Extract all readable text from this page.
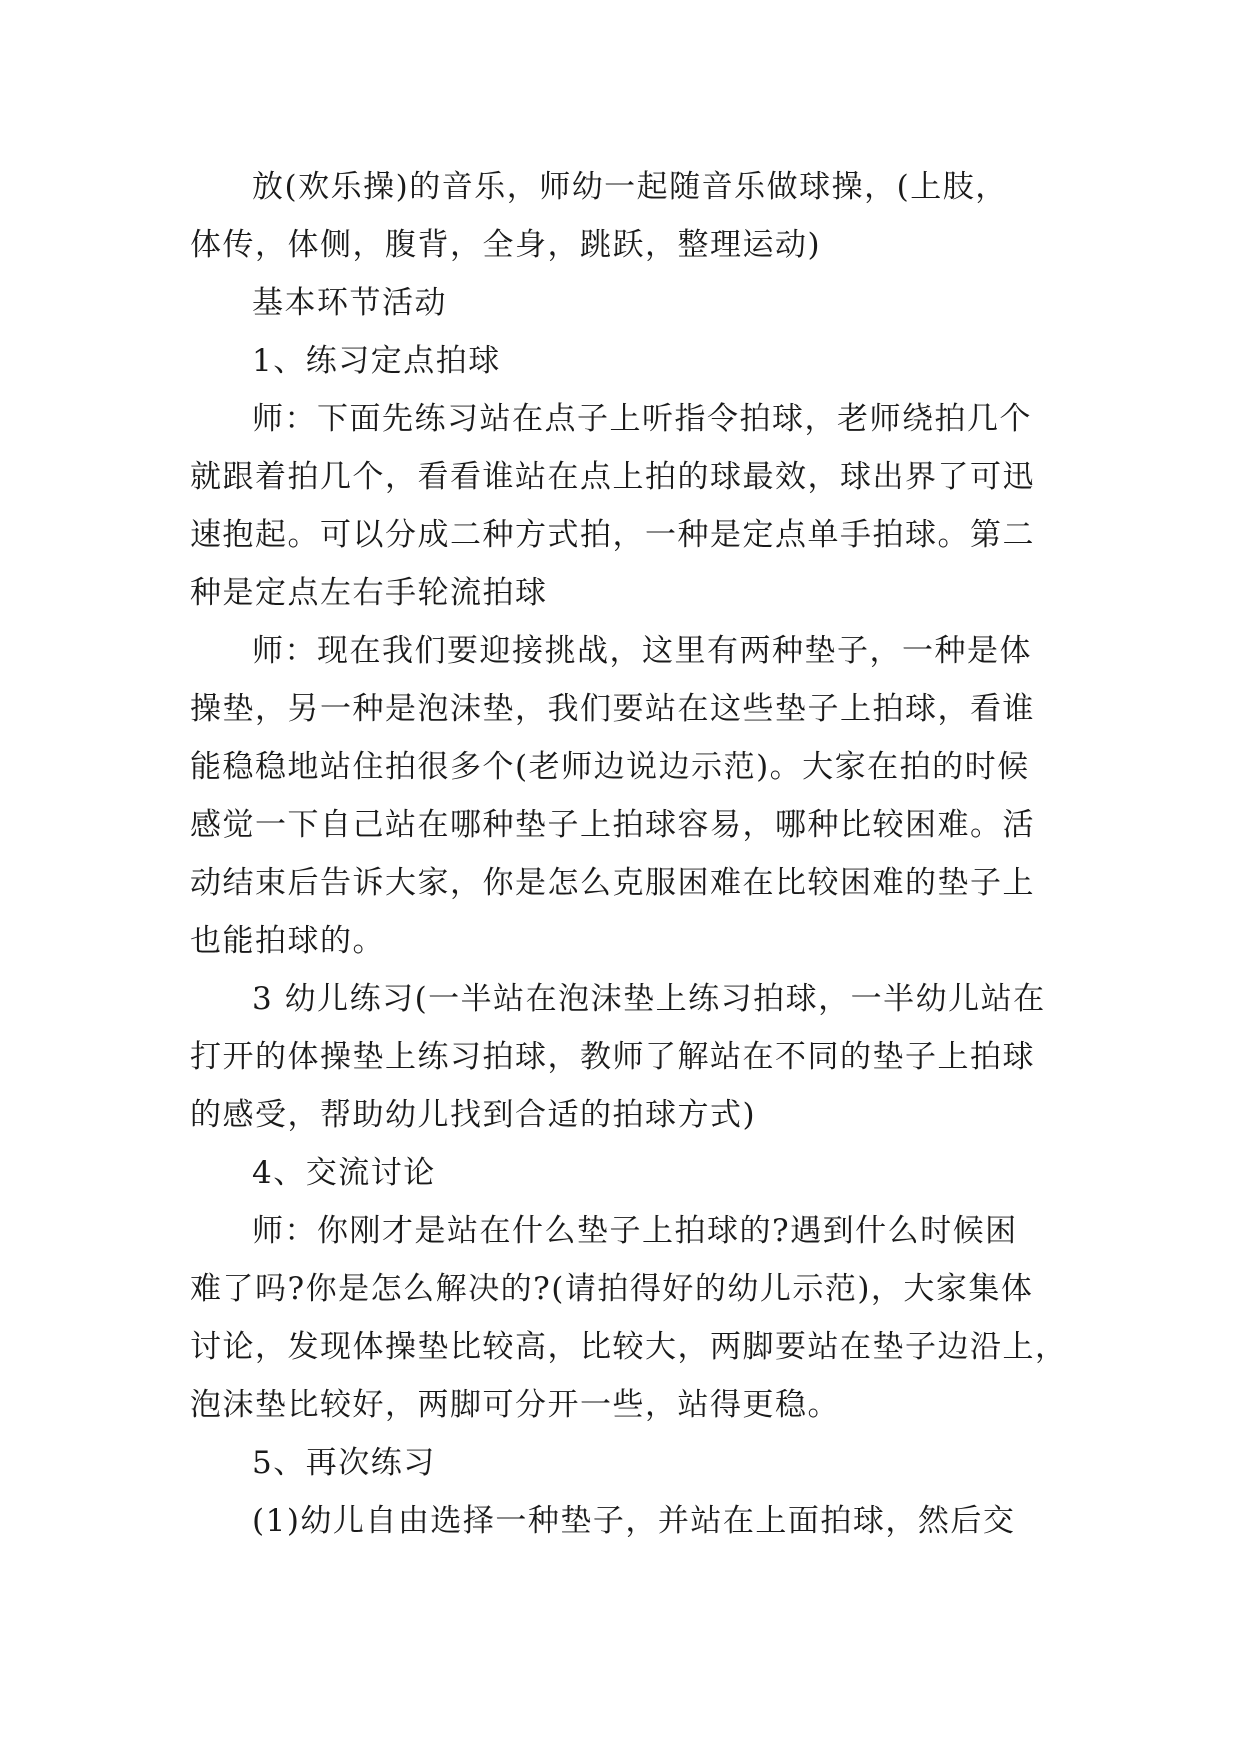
放(欢乐操)的音乐，师幼一起随音乐做球操，(上肢，
体传，体侧，腹背，全身，跳跃，整理运动)
基本环节活动
1、练习定点拍球
师：下面先练习站在点子上听指令拍球，老师绕拍几个
就跟着拍几个，看看谁站在点上拍的球最效，球出界了可迅
速抱起。可以分成二种方式拍，一种是定点单手拍球。第二
种是定点左右手轮流拍球
师：现在我们要迎接挑战，这里有两种垫子，一种是体
操垫，另一种是泡沫垫，我们要站在这些垫子上拍球，看谁
能稳稳地站住拍很多个(老师边说边示范)。大家在拍的时候
感觉一下自己站在哪种垫子上拍球容易，哪种比较困难。活
动结束后告诉大家，你是怎么克服困难在比较困难的垫子上
也能拍球的。
3 幼儿练习(一半站在泡沫垫上练习拍球，一半幼儿站在
打开的体操垫上练习拍球，教师了解站在不同的垫子上拍球
的感受，帮助幼儿找到合适的拍球方式)
4、交流讨论
师：你刚才是站在什么垫子上拍球的?遇到什么时候困
难了吗?你是怎么解决的?(请拍得好的幼儿示范)，大家集体
讨论，发现体操垫比较高，比较大，两脚要站在垫子边沿上，
泡沫垫比较好，两脚可分开一些，站得更稳。
5、再次练习
(1)幼儿自由选择一种垫子，并站在上面拍球，然后交
